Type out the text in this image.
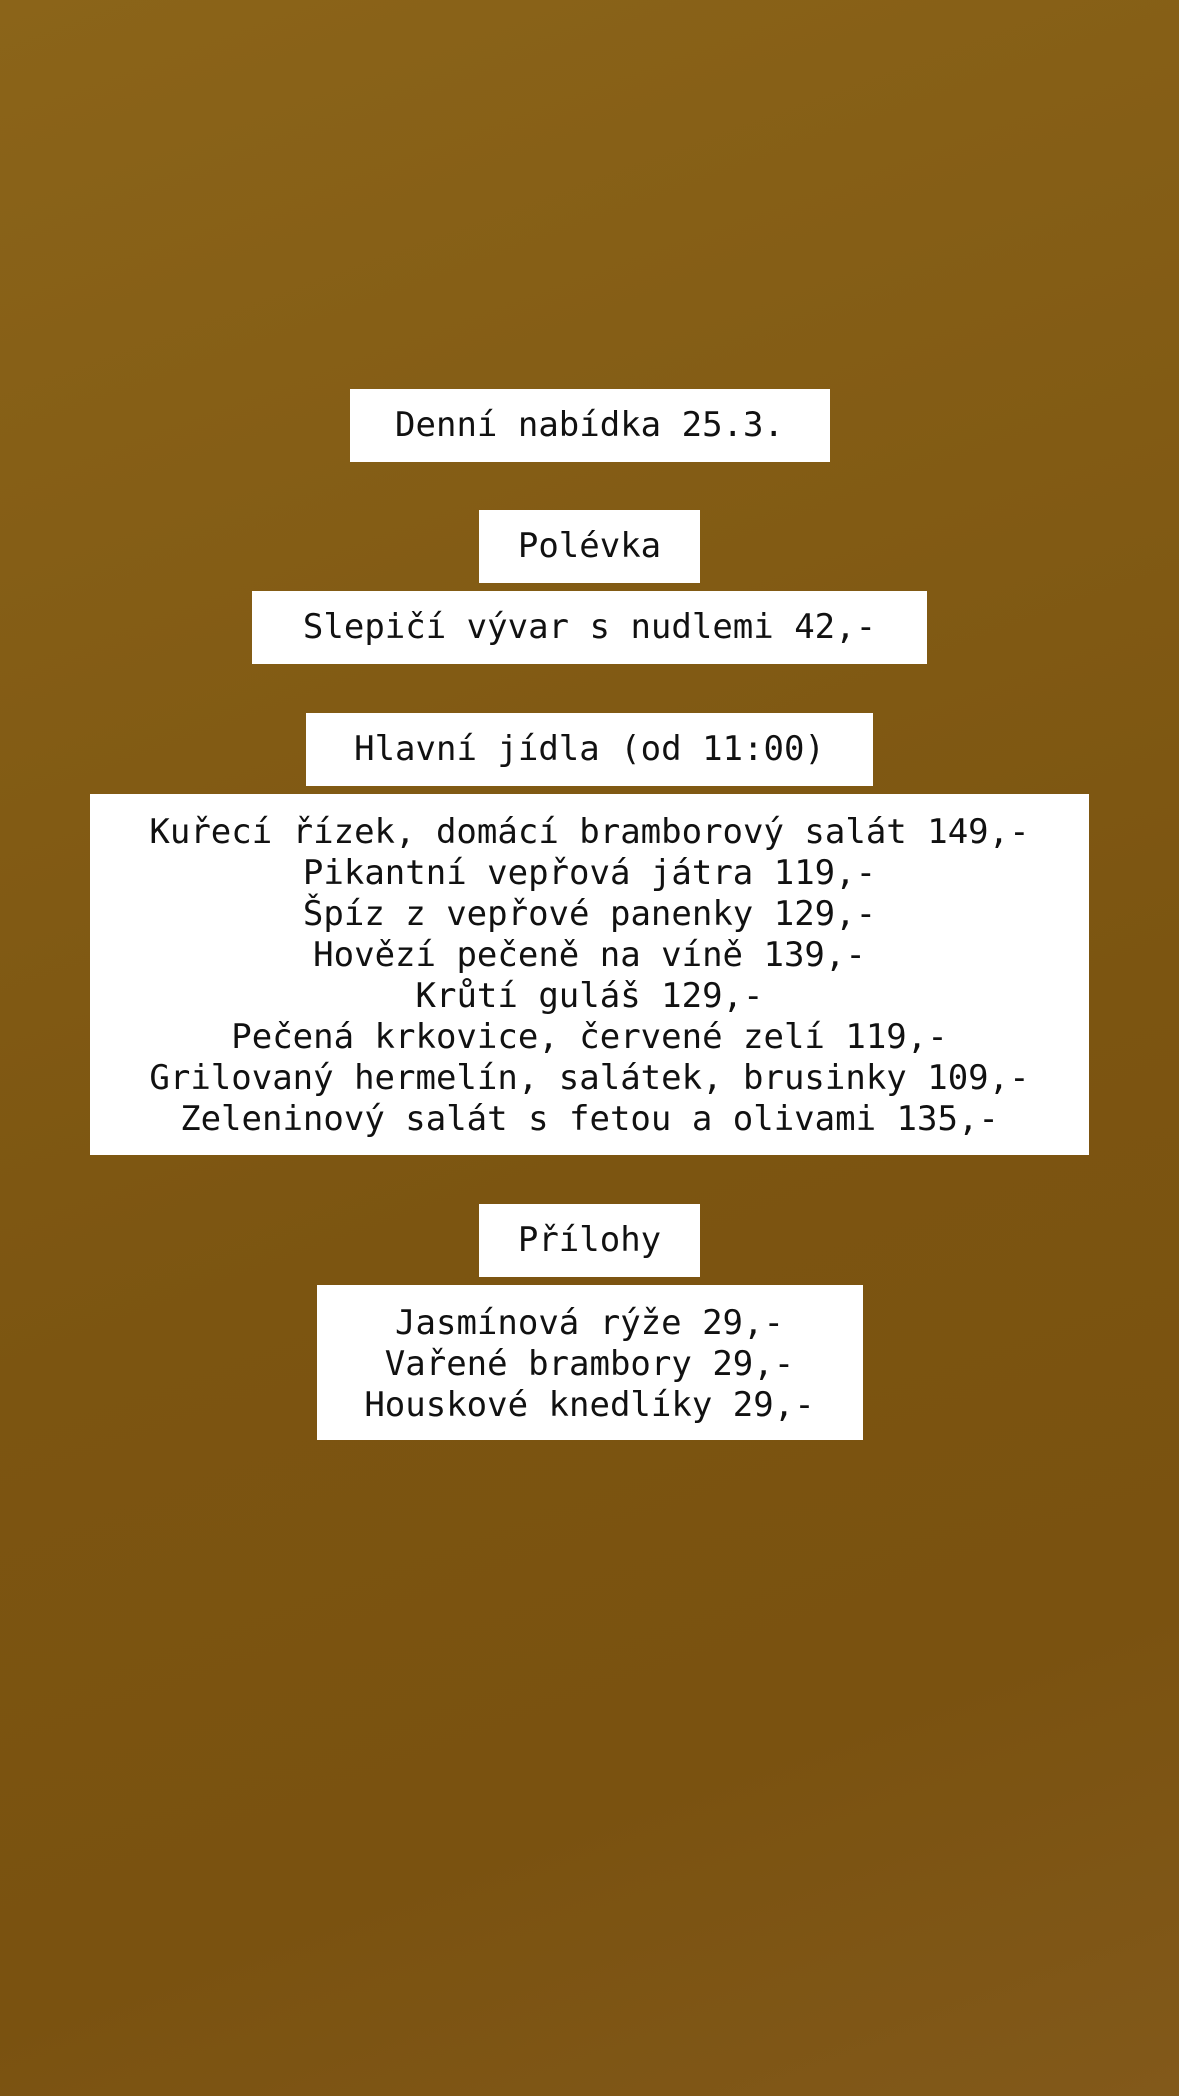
Denní nabídka 25.3.
Polévka
Slepičí vývar s nudlemi 42,-
Hlavní jídla (od 11:00)
Kuřecí řízek, domácí bramborový salát 149,-
Pikantní vepřová játra 119,-
Špíz z vepřové panenky 129,-
Hovězí pečeně na víně 139,-
Krůtí guláš 129,-
Pečená krkovice, červené zelí 119,-
Grilovaný hermelín, salátek, brusinky 109,-
Zeleninový salát s fetou a olivami 135,-
Přílohy
Jasmínová rýže 29,-
Vařené brambory 29,-
Houskové knedlíky 29,-
